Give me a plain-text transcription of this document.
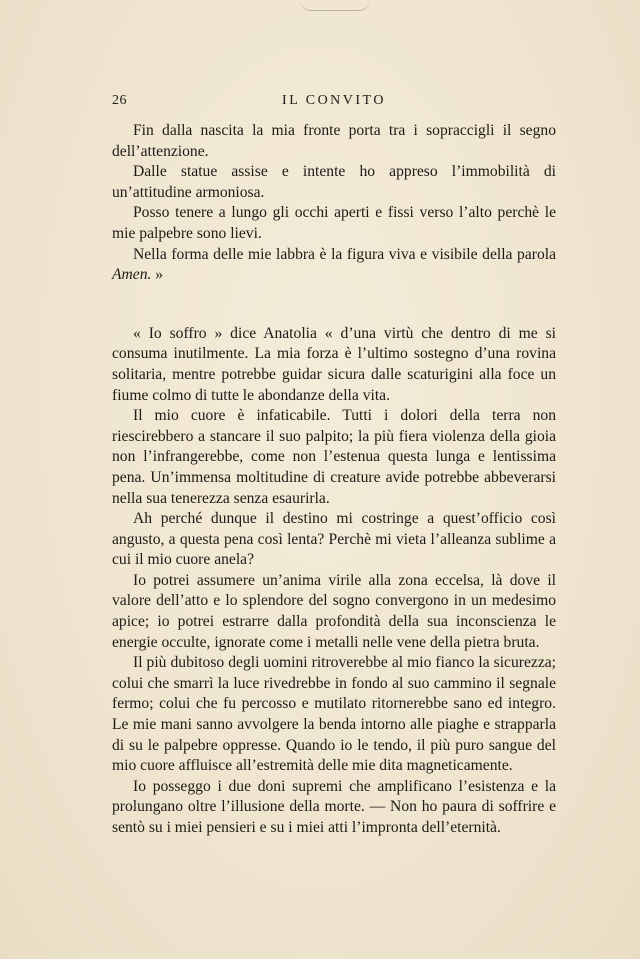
26	IL CONVITO

Fin dalla nascita la mia fronte porta tra i sopraccigli il segno dell’attenzione.

Dalle statue assise e intente ho appreso l’immobilità di un’attitudine armoniosa.

Posso tenere a lungo gli occhi aperti e fissi verso l’alto perchè le mie palpebre sono lievi.

Nella forma delle mie labbra è la figura viva e visibile della parola Amen. »

« Io soffro » dice Anatolia « d’una virtù che dentro di me si consuma inutilmente. La mia forza è l’ultimo sostegno d’una rovina solitaria, mentre potrebbe guidar sicura dalle scaturigini alla foce un fiume colmo di tutte le abondanze della vita.

Il mio cuore è infaticabile. Tutti i dolori della terra non riescirebbero a stancare il suo palpito; la più fiera violenza della gioia non l’infrangerebbe, come non l’estenua questa lunga e lentissima pena. Un’immensa moltitudine di creature avide potrebbe abbeverarsi nella sua tenerezza senza esaurirla.

Ah perché dunque il destino mi costringe a quest’officio così angusto, a questa pena così lenta? Perchè mi vieta l’alleanza sublime a cui il mio cuore anela?

Io potrei assumere un’anima virile alla zona eccelsa, là dove il valore dell’atto e lo splendore del sogno convergono in un medesimo apice; io potrei estrarre dalla profondità della sua inconscienza le energie occulte, ignorate come i metalli nelle vene della pietra bruta.

Il più dubitoso degli uomini ritroverebbe al mio fianco la sicurezza; colui che smarrì la luce rivedrebbe in fondo al suo cammino il segnale fermo; colui che fu percosso e mutilato ritornerebbe sano ed integro. Le mie mani sanno avvolgere la benda intorno alle piaghe e strapparla di su le palpebre oppresse. Quando io le tendo, il più puro sangue del mio cuore affluisce all’estremità delle mie dita magneticamente.

Io posseggo i due doni supremi che amplificano l’esistenza e la prolungano oltre l’illusione della morte. — Non ho paura di soffrire e sentò su i miei pensieri e su i miei atti l’impronta dell’eternità.
